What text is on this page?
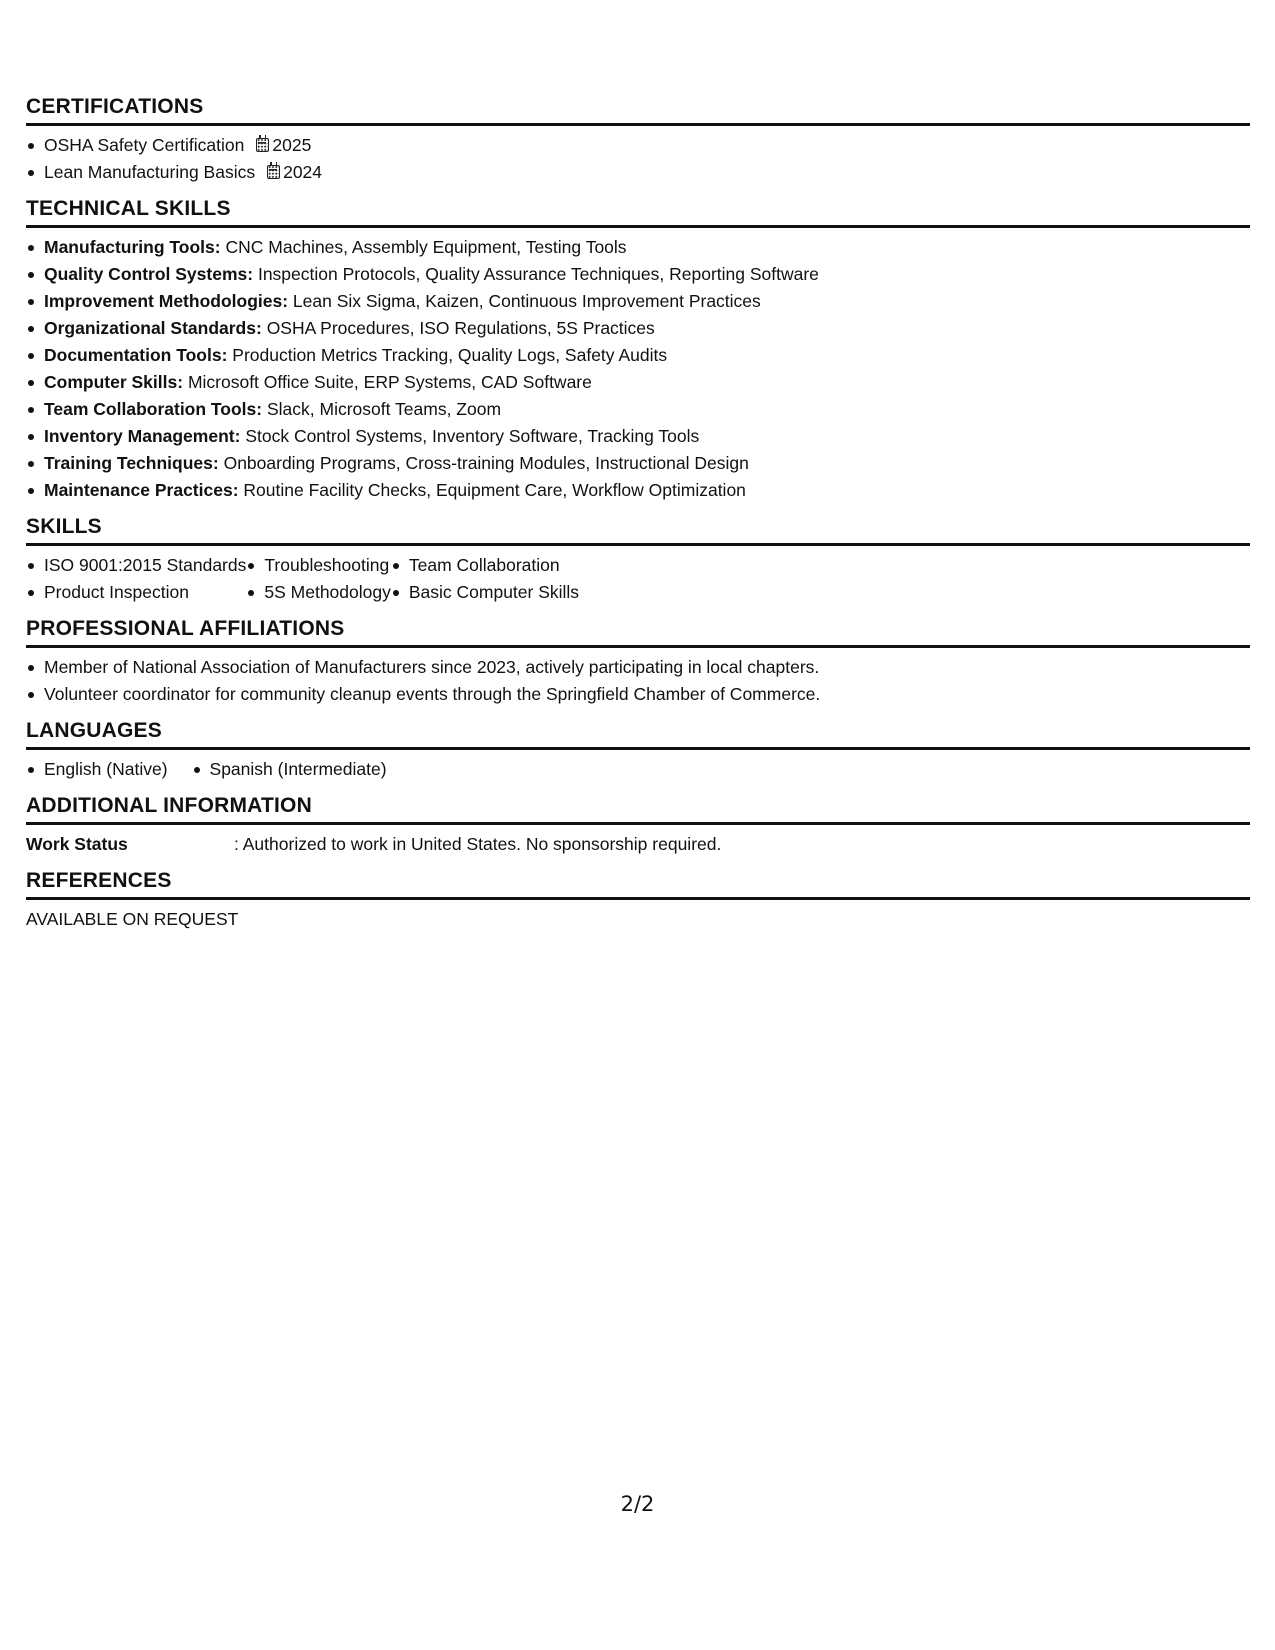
CERTIFICATIONS
OSHA Safety Certification 2025
Lean Manufacturing Basics 2024
TECHNICAL SKILLS
Manufacturing Tools: CNC Machines, Assembly Equipment, Testing Tools
Quality Control Systems: Inspection Protocols, Quality Assurance Techniques, Reporting Software
Improvement Methodologies: Lean Six Sigma, Kaizen, Continuous Improvement Practices
Organizational Standards: OSHA Procedures, ISO Regulations, 5S Practices
Documentation Tools: Production Metrics Tracking, Quality Logs, Safety Audits
Computer Skills: Microsoft Office Suite, ERP Systems, CAD Software
Team Collaboration Tools: Slack, Microsoft Teams, Zoom
Inventory Management: Stock Control Systems, Inventory Software, Tracking Tools
Training Techniques: Onboarding Programs, Cross-training Modules, Instructional Design
Maintenance Practices: Routine Facility Checks, Equipment Care, Workflow Optimization
SKILLS
ISO 9001:2015 Standards
Product Inspection
Troubleshooting
5S Methodology
Team Collaboration
Basic Computer Skills
PROFESSIONAL AFFILIATIONS
Member of National Association of Manufacturers since 2023, actively participating in local chapters.
Volunteer coordinator for community cleanup events through the Springfield Chamber of Commerce.
LANGUAGES
English (Native)	Spanish (Intermediate)
ADDITIONAL INFORMATION
Work Status	: Authorized to work in United States. No sponsorship required.
REFERENCES
AVAILABLE ON REQUEST
2/2
